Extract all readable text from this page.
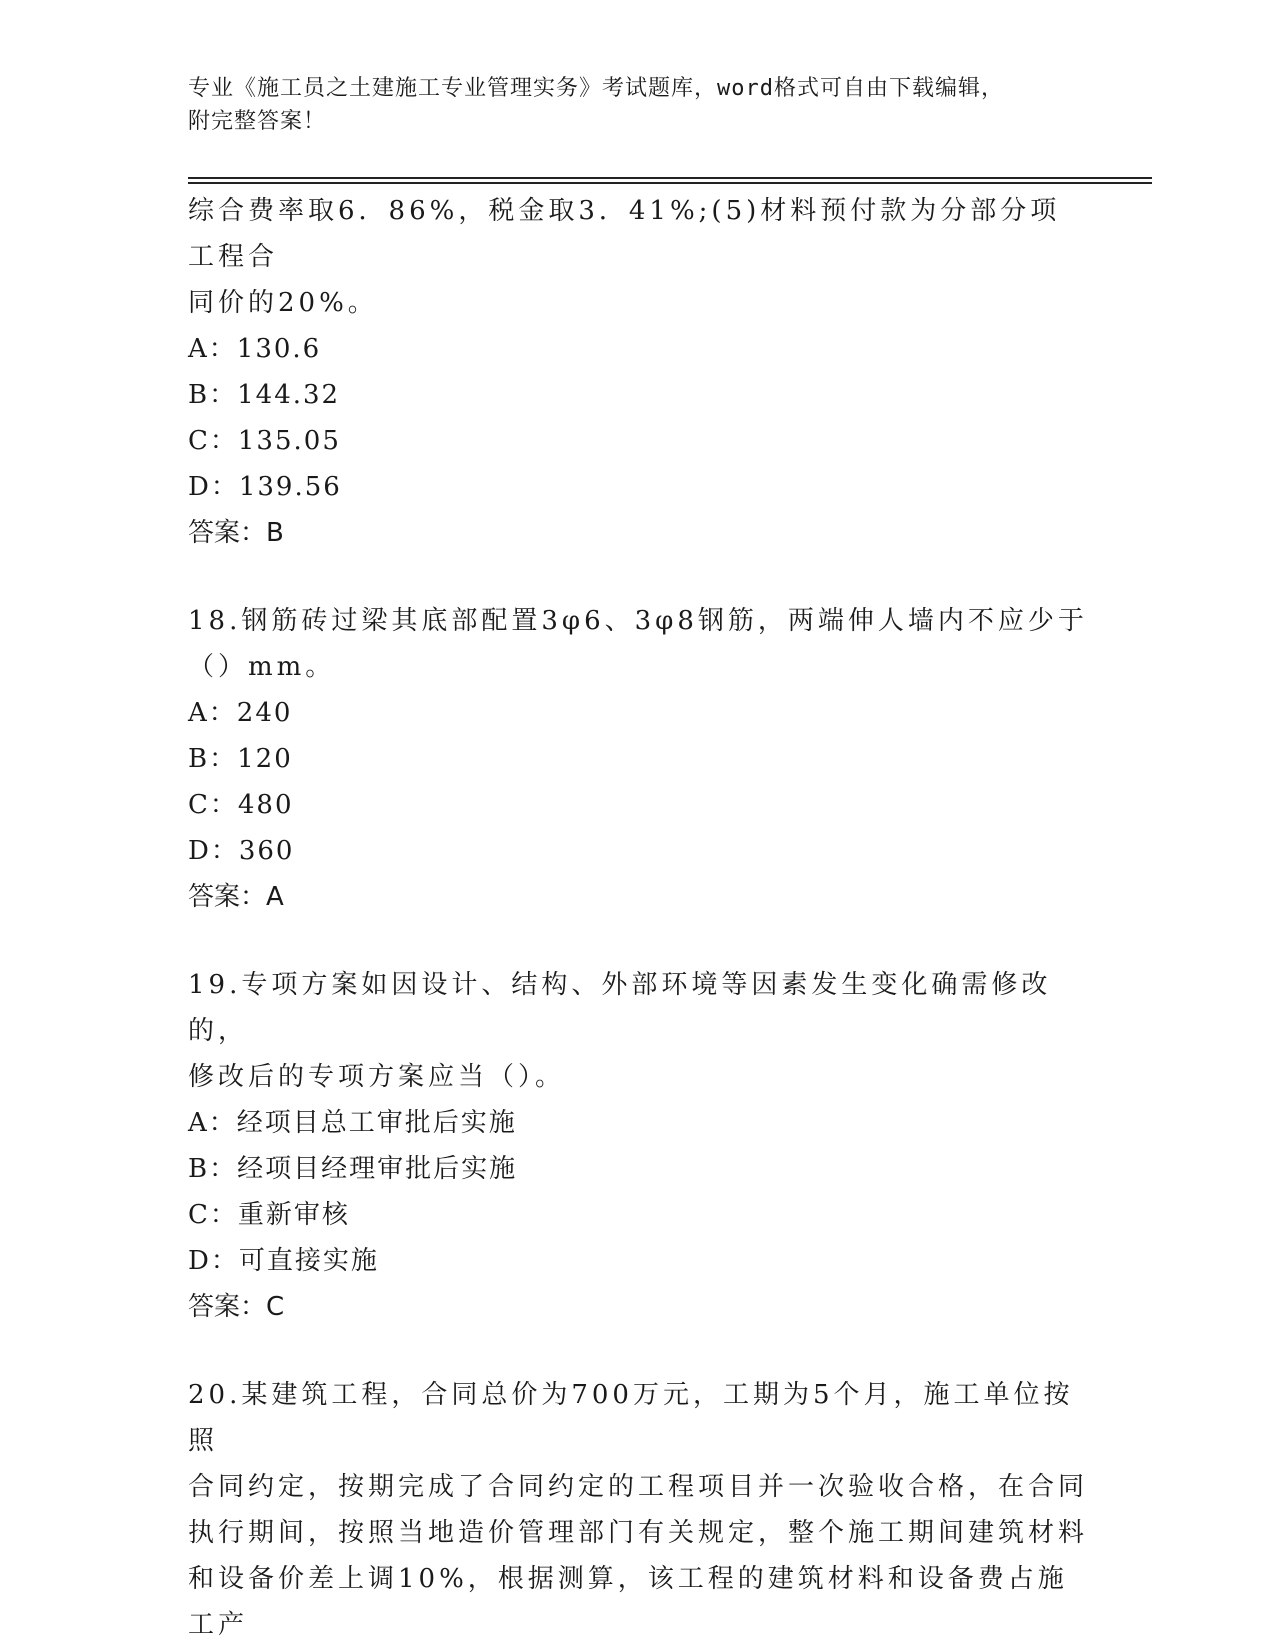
专业《施工员之土建施工专业管理实务》考试题库，word格式可自由下载编辑，
附完整答案！

综合费率取6．86%，税金取3．41%;(5)材料预付款为分部分项工程合

同价的20%。

A：130.6

B：144.32

C：135.05

D：139.56

答案：B

18.钢筋砖过梁其底部配置3φ6、3φ8钢筋，两端伸人墙内不应少于

（）mm。

A：240

B：120

C：480

D：360

答案：A

19.专项方案如因设计、结构、外部环境等因素发生变化确需修改的，

修改后的专项方案应当（）。

A：经项目总工审批后实施

B：经项目经理审批后实施

C：重新审核

D：可直接实施

答案：C

20.某建筑工程，合同总价为700万元，工期为5个月，施工单位按照

合同约定，按期完成了合同约定的工程项目并一次验收合格，在合同

执行期间，按照当地造价管理部门有关规定，整个施工期间建筑材料

和设备价差上调10%，根据测算，该工程的建筑材料和设备费占施工产
